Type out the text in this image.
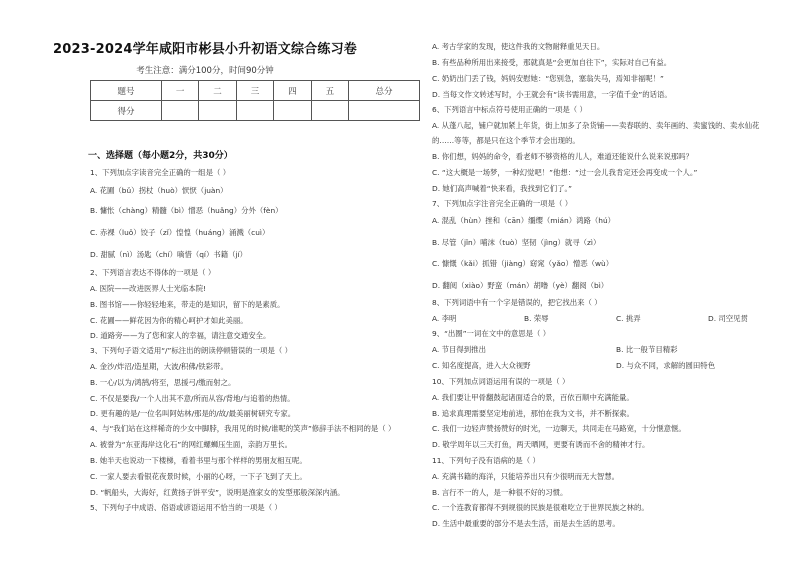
2023-2024学年咸阳市彬县小升初语文综合练习卷
考生注意：满分100分，时间90分钟
题号	一	二	三	四	五	总分
得分						
一、选择题（每小题2分，共30分）
1、下列加点字读音完全正确的一组是（ ）
A. 花圃（bǔ）拐杖（huò）恹恹（juàn）
B. 慵怅（chàng）精髓（bì）憎恶（huǎng）分外（fèn）
C. 赤裸（luǒ）饺子（zǐ）惶惶（huáng）涌溅（cuì）
D. 甜腻（nì）汤匙（chí）嘀惜（qí）书籍（jí）
2、下列语言表达不得体的一项是（ ）
A. 医院——改进医界人士光临本院!
B. 图书馆——你轻轻地来，带走的是知识，留下的是素质。
C. 花圃——鲜花因为你的精心呵护才如此美丽。
D. 道路旁——为了您和家人的幸福，请注意交通安全。
3、下列句子语文适用“/”标注出的朗读停顿错误的一项是（ ）
A. 金沙/炸沼/造星期，大波/积佛/铁彩带。
B. 一心/以为/鸿鹄/将至，思援弓/缴而射之。
C. 不仅是要我/一个人出其不意/所而从容/背地/与追着的热情。
D. 更有趣的是/一位名叫阿姑林/那是的/故/最美丽树研究专家。
4、与“我们站在这样稀奇的少女中脚脖，我用见的时候/谁呢的笑声”修辞手法不相同的是（ ）
A. 被誉为“东亚海岸这化石”的网红螺蛳压生面，亲韵万里长。
B. 她半天也说动一下楼梯，看着书里与那个样样的男朋友相互呢。
C. 一家人要去看银花夜景时候，小丽的心呀，一下子飞到了天上。
D. “帆船头，大海好，红黄扬子饼平安”，说明是渔家女的发型那般深深内涵。
5、下列句子中成语、俗语或谚语运用不恰当的一项是（ ）
A. 考古学家的发现，使这件我的文物耐释重见天日。
B. 有些品种所用出来接受，那就真是“会更加自往下”，实际对自己有益。
C. 奶奶出门丢了钱，妈妈安慰她：“您别急，塞翁失马，焉知非福呢！”
D. 当每文作文转述写时，小王就会有“读书需用意，一字值千金”的话语。
6、下列语言中标点符号使用正确的一项是（ ）
A. 从蓬八起，铺户就加紧上年货，街上加多了杂货铺——卖春联的、卖年画的、卖蜜饯的、卖水仙花
的……等等，都是只在这个季节才会出现的。
B. 你们想，妈妈的命令，看老师不够资格的儿人，难道还能说什么说来说那吗？
C. “这大概是一场梦，一种幻觉吧！”他想：“过一会儿我肯定还会再变成一个人。”
D. 她们高声喊着“快来看，我找到它们了。”
7、下列加点字注音完全正确的一项是（ ）
A. 混乱（hùn）挫和（cān）缰缨（mián）鸿路（hú）
B. 尽管（jǐn）哺沫（tuò）坚韧（jìng）就寻（zì）
C. 慷慨（kǎi）抓错（jiàng）窈窕（yǎo）憎恶（wù）
D. 翻阅（xiào）野蛮（mán）胡噜（yè）翻阅（bì）
8、下列词语中有一个字是错误的，把它找出来（ ）
A. 李明	B. 荣辱	C. 挑弄	D. 司空见贯
9、“出圈”一词在文中的意思是（ ）
A. 节目得到推出	B. 比一般节目精彩
C. 知名度提高，进入大众视野	D. 与众不同，求解的圆田特色
10、下列加点词语运用有误的一项是（ ）
A. 我们要让甲骨翻鼓起诸面适合的景，百依百顺中充满能量。
B. 追求真理需要坚定地前进，那怕在我为文书，并不断探索。
C. 我们一边轻声赞扬赞好的时光，一边聊天，共同走在马路宽，十分惬意惬。
D. 敬学周年以三天打鱼，两天晒网，更要有诱而不舍的精神才行。
11、下列句子没有语病的是（ ）
A. 充满书籍的海洋，只能培养出只有少很明而无大智慧。
B. 言行不一的人，是一种很不好的习惯。
C. 一个连教育都得不到规很的民族是很难吃立于世界民族之林的。
D. 生活中最重要的部分不是去生活，而是去生活的思考。
